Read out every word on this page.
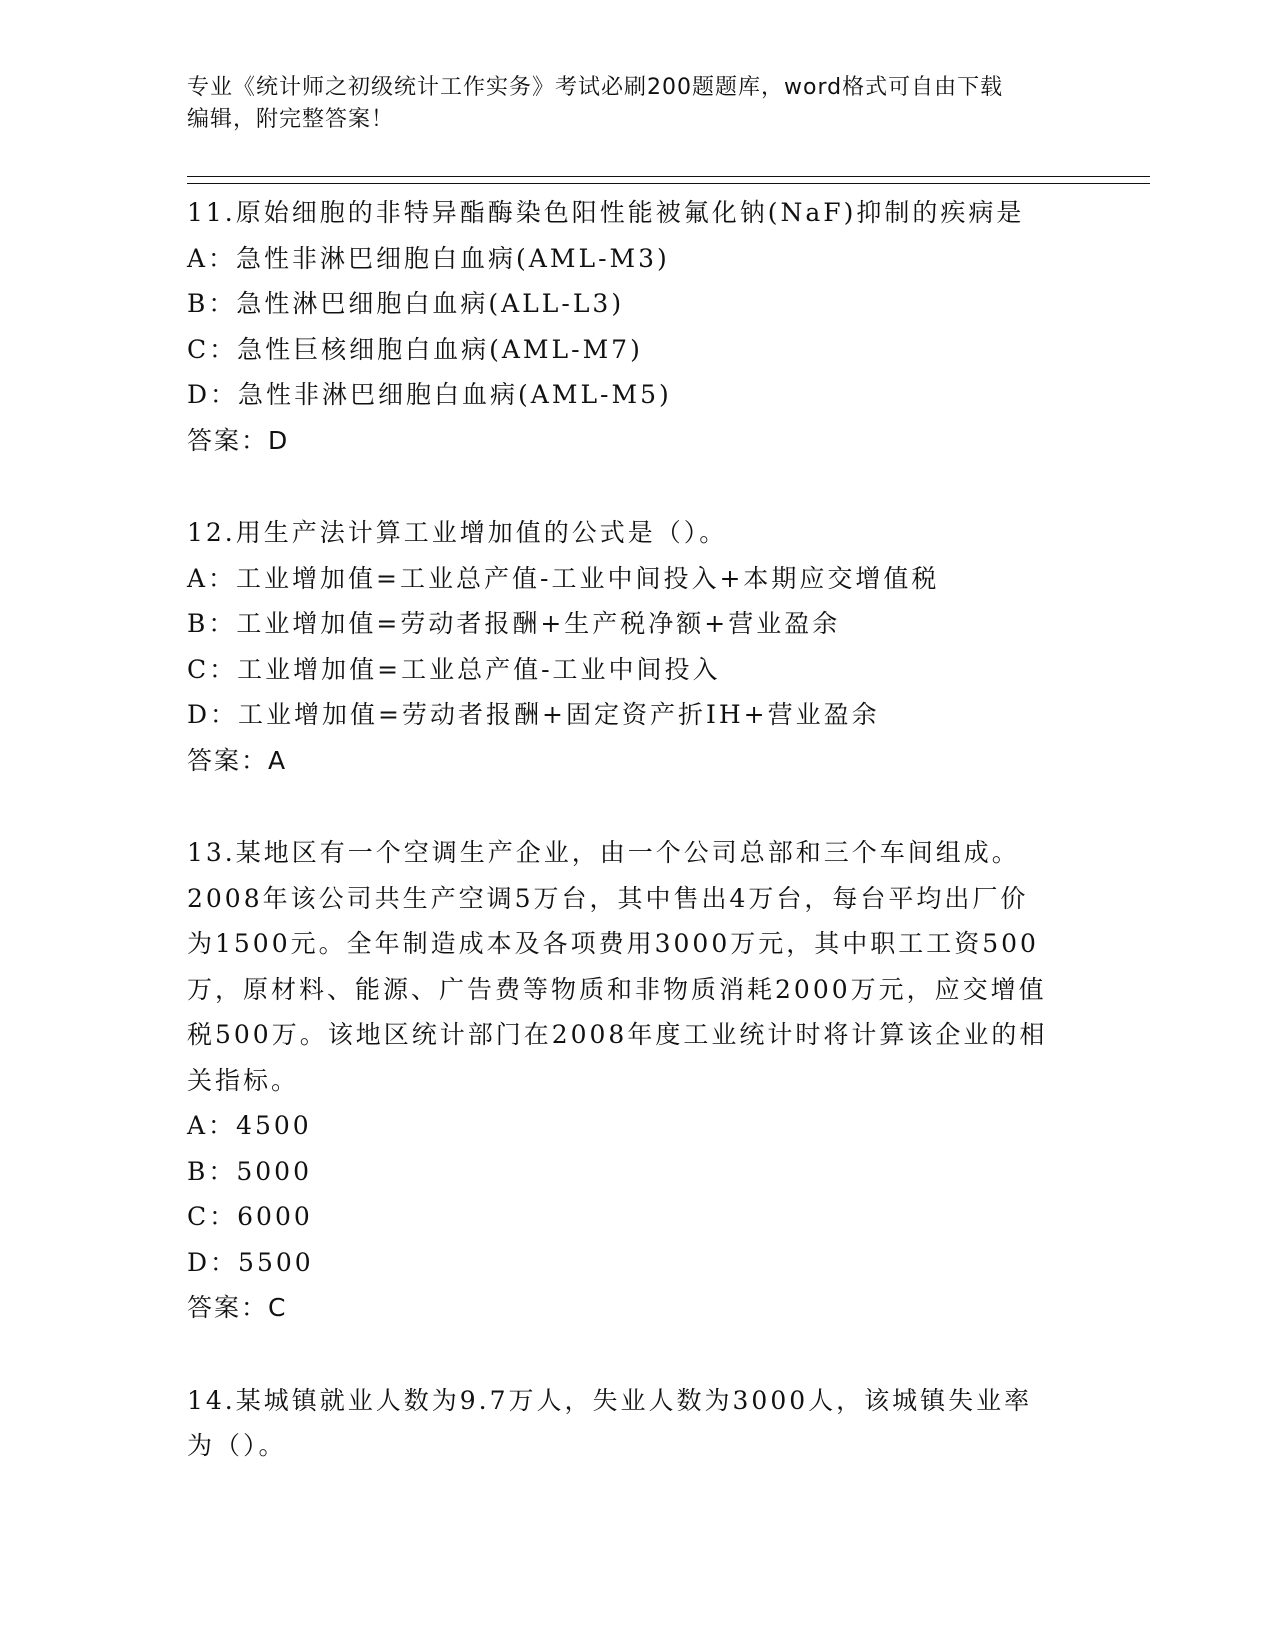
专业《统计师之初级统计工作实务》考试必刷200题题库，word格式可自由下载
编辑，附完整答案！
11.原始细胞的非特异酯酶染色阳性能被氟化钠(NaF)抑制的疾病是
A：急性非淋巴细胞白血病(AML-M3)
B：急性淋巴细胞白血病(ALL-L3)
C：急性巨核细胞白血病(AML-M7)
D：急性非淋巴细胞白血病(AML-M5)
答案：D
12.用生产法计算工业增加值的公式是（）。
A：工业增加值=工业总产值-工业中间投入+本期应交增值税
B：工业增加值=劳动者报酬+生产税净额+营业盈余
C：工业增加值=工业总产值-工业中间投入
D：工业增加值=劳动者报酬+固定资产折IH+营业盈余
答案：A
13.某地区有一个空调生产企业，由一个公司总部和三个车间组成。
2008年该公司共生产空调5万台，其中售出4万台，每台平均出厂价
为1500元。全年制造成本及各项费用3000万元，其中职工工资500
万，原材料、能源、广告费等物质和非物质消耗2000万元，应交增值
税500万。该地区统计部门在2008年度工业统计时将计算该企业的相
关指标。
A：4500
B：5000
C：6000
D：5500
答案：C
14.某城镇就业人数为9.7万人，失业人数为3000人，该城镇失业率
为（）。
